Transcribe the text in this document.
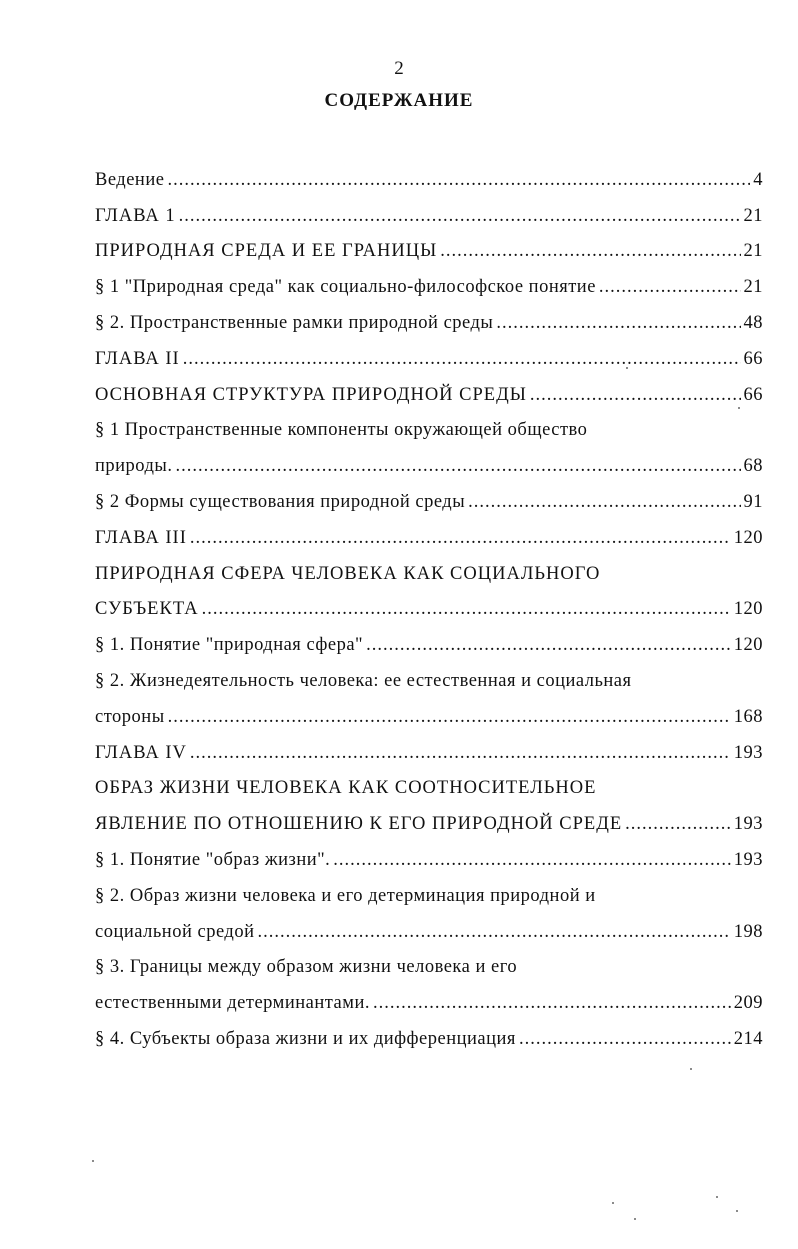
2
СОДЕРЖАНИЕ
Ведение .....	4
ГЛАВА 1 .....	21
ПРИРОДНАЯ СРЕДА И ЕЕ ГРАНИЦЫ .....	21
§ 1 "Природная среда" как социально-философское понятие .....	21
§ 2. Пространственные рамки природной среды .....	48
ГЛАВА II .....	66
ОСНОВНАЯ СТРУКТУРА ПРИРОДНОЙ СРЕДЫ .....	66
§ 1 Пространственные компоненты окружающей общество
природы. .....	68
§ 2 Формы существования природной среды .....	91
ГЛАВА III .....	120
ПРИРОДНАЯ СФЕРА ЧЕЛОВЕКА КАК СОЦИАЛЬНОГО
СУБЪЕКТА .....	120
§ 1. Понятие "природная сфера" .....	120
§ 2. Жизнедеятельность человека: ее естественная и социальная
стороны .....	168
ГЛАВА IV .....	193
ОБРАЗ ЖИЗНИ ЧЕЛОВЕКА КАК СООТНОСИТЕЛЬНОЕ
ЯВЛЕНИЕ ПО ОТНОШЕНИЮ К ЕГО ПРИРОДНОЙ СРЕДЕ .....	193
§ 1. Понятие "образ жизни". .....	193
§ 2. Образ жизни человека и его детерминация природной и
социальной средой .....	198
§ 3. Границы между образом жизни человека и его
естественными детерминантами. .....	209
§ 4. Субъекты образа жизни и их дифференциация .....	214
